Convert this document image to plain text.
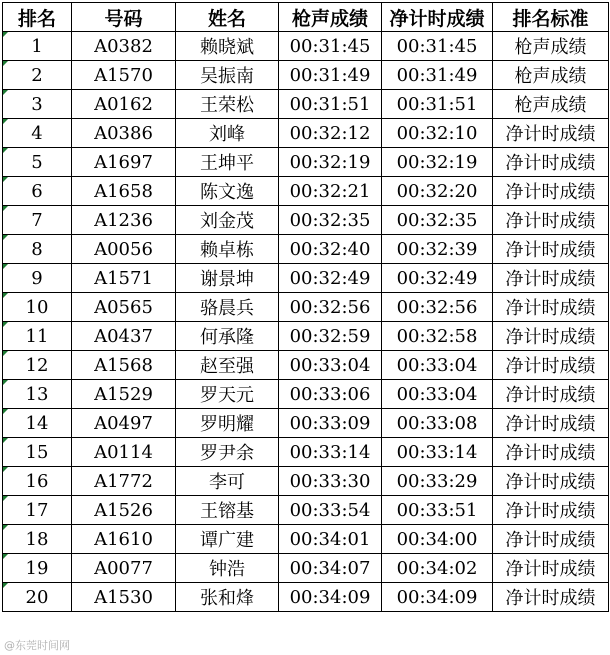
排名	号码	姓名	枪声成绩	净计时成绩	排名标准
1	A0382	赖晓斌	00:31:45	00:31:45	枪声成绩
2	A1570	吴振南	00:31:49	00:31:49	枪声成绩
3	A0162	王荣松	00:31:51	00:31:51	枪声成绩
4	A0386	刘峰	00:32:12	00:32:10	净计时成绩
5	A1697	王坤平	00:32:19	00:32:19	净计时成绩
6	A1658	陈文逸	00:32:21	00:32:20	净计时成绩
7	A1236	刘金茂	00:32:35	00:32:35	净计时成绩
8	A0056	赖卓栋	00:32:40	00:32:39	净计时成绩
9	A1571	谢景坤	00:32:49	00:32:49	净计时成绩
10	A0565	骆晨兵	00:32:56	00:32:56	净计时成绩
11	A0437	何承隆	00:32:59	00:32:58	净计时成绩
12	A1568	赵至强	00:33:04	00:33:04	净计时成绩
13	A1529	罗天元	00:33:06	00:33:04	净计时成绩
14	A0497	罗明耀	00:33:09	00:33:08	净计时成绩
15	A0114	罗尹余	00:33:14	00:33:14	净计时成绩
16	A1772	李可	00:33:30	00:33:29	净计时成绩
17	A1526	王镕基	00:33:54	00:33:51	净计时成绩
18	A1610	谭广建	00:34:01	00:34:00	净计时成绩
19	A0077	钟浩	00:34:07	00:34:02	净计时成绩
20	A1530	张和烽	00:34:09	00:34:09	净计时成绩
@东莞时间网
